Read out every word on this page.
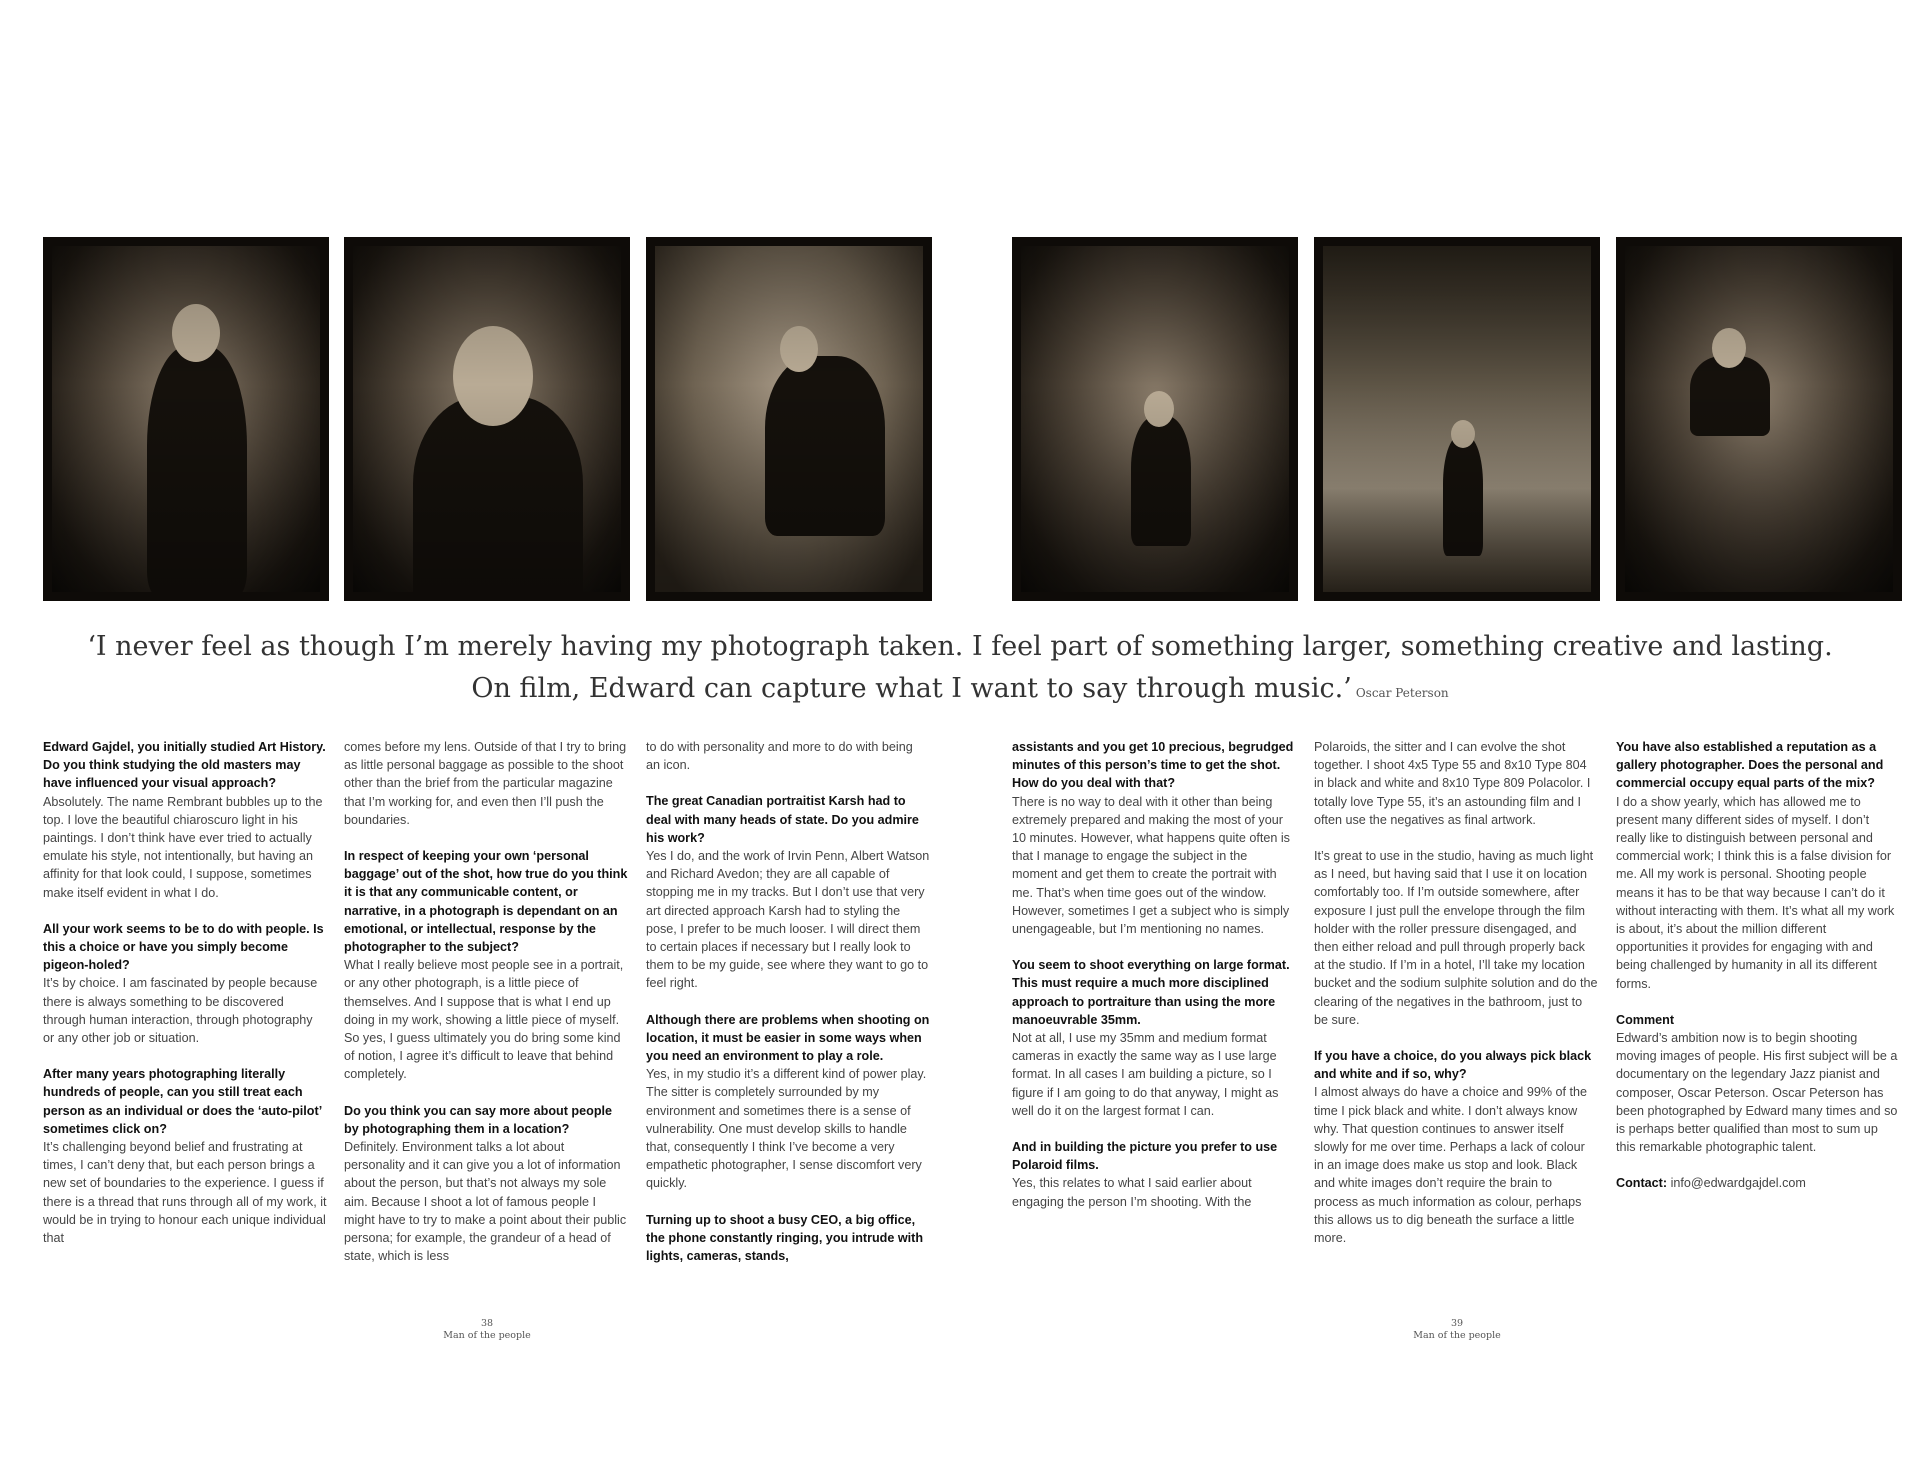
‘I never feel as though I’m merely having my photograph taken. I feel part of something larger, something creative and lasting.
On film, Edward can capture what I want to say through music.’ Oscar Peterson

Edward Gajdel, you initially studied Art History. Do you think studying the old masters may have influenced your visual approach?
Absolutely. The name Rembrant bubbles up to the top. I love the beautiful chiaroscuro light in his paintings. I don’t think have ever tried to actually emulate his style, not intentionally, but having an affinity for that look could, I suppose, sometimes make itself evident in what I do.

All your work seems to be to do with people. Is this a choice or have you simply become pigeon-holed?
It’s by choice. I am fascinated by people because there is always something to be discovered through human interaction, through photography or any other job or situation.

After many years photographing literally hundreds of people, can you still treat each person as an individual or does the ‘auto-pilot’ sometimes click on?
It’s challenging beyond belief and frustrating at times, I can’t deny that, but each person brings a new set of boundaries to the experience. I guess if there is a thread that runs through all of my work, it would be in trying to honour each unique individual that

comes before my lens. Outside of that I try to bring as little personal baggage as possible to the shoot other than the brief from the particular magazine that I’m working for, and even then I’ll push the boundaries.

In respect of keeping your own ‘personal baggage’ out of the shot, how true do you think it is that any communicable content, or narrative, in a photograph is dependant on an emotional, or intellectual, response by the photographer to the subject?
What I really believe most people see in a portrait, or any other photograph, is a little piece of themselves. And I suppose that is what I end up doing in my work, showing a little piece of myself. So yes, I guess ultimately you do bring some kind of notion, I agree it’s difficult to leave that behind completely.

Do you think you can say more about people by photographing them in a location?
Definitely. Environment talks a lot about personality and it can give you a lot of information about the person, but that’s not always my sole aim. Because I shoot a lot of famous people I might have to try to make a point about their public persona; for example, the grandeur of a head of state, which is less

to do with personality and more to do with being an icon.

The great Canadian portraitist Karsh had to deal with many heads of state. Do you admire his work?
Yes I do, and the work of Irvin Penn, Albert Watson and Richard Avedon; they are all capable of stopping me in my tracks. But I don’t use that very art directed approach Karsh had to styling the pose, I prefer to be much looser. I will direct them to certain places if necessary but I really look to them to be my guide, see where they want to go to feel right.

Although there are problems when shooting on location, it must be easier in some ways when you need an environment to play a role.
Yes, in my studio it’s a different kind of power play. The sitter is completely surrounded by my environment and sometimes there is a sense of vulnerability. One must develop skills to handle that, consequently I think I’ve become a very empathetic photographer, I sense discomfort very quickly.

Turning up to shoot a busy CEO, a big office, the phone constantly ringing, you intrude with lights, cameras, stands,

assistants and you get 10 precious, begrudged minutes of this person’s time to get the shot. How do you deal with that?
There is no way to deal with it other than being extremely prepared and making the most of your 10 minutes. However, what happens quite often is that I manage to engage the subject in the moment and get them to create the portrait with me. That’s when time goes out of the window. However, sometimes I get a subject who is simply unengageable, but I’m mentioning no names.

You seem to shoot everything on large format. This must require a much more disciplined approach to portraiture than using the more manoeuvrable 35mm.
Not at all, I use my 35mm and medium format cameras in exactly the same way as I use large format. In all cases I am building a picture, so I figure if I am going to do that anyway, I might as well do it on the largest format I can.

And in building the picture you prefer to use Polaroid films.
Yes, this relates to what I said earlier about engaging the person I’m shooting. With the

Polaroids, the sitter and I can evolve the shot together. I shoot 4x5 Type 55 and 8x10 Type 804 in black and white and 8x10 Type 809 Polacolor. I totally love Type 55, it’s an astounding film and I often use the negatives as final artwork.

It’s great to use in the studio, having as much light as I need, but having said that I use it on location comfortably too. If I’m outside somewhere, after exposure I just pull the envelope through the film holder with the roller pressure disengaged, and then either reload and pull through properly back at the studio. If I’m in a hotel, I’ll take my location bucket and the sodium sulphite solution and do the clearing of the negatives in the bathroom, just to be sure.

If you have a choice, do you always pick black and white and if so, why?
I almost always do have a choice and 99% of the time I pick black and white. I don’t always know why. That question continues to answer itself slowly for me over time. Perhaps a lack of colour in an image does make us stop and look. Black and white images don’t require the brain to process as much information as colour, perhaps this allows us to dig beneath the surface a little more.

You have also established a reputation as a gallery photographer. Does the personal and commercial occupy equal parts of the mix?
I do a show yearly, which has allowed me to present many different sides of myself. I don’t really like to distinguish between personal and commercial work; I think this is a false division for me. All my work is personal. Shooting people means it has to be that way because I can’t do it without interacting with them. It’s what all my work is about, it’s about the million different opportunities it provides for engaging with and being challenged by humanity in all its different forms.

Comment
Edward’s ambition now is to begin shooting moving images of people. His first subject will be a documentary on the legendary Jazz pianist and composer, Oscar Peterson. Oscar Peterson has been photographed by Edward many times and so is perhaps better qualified than most to sum up this remarkable photographic talent.

Contact: info@edwardgajdel.com

38
Man of the people
39
Man of the people
